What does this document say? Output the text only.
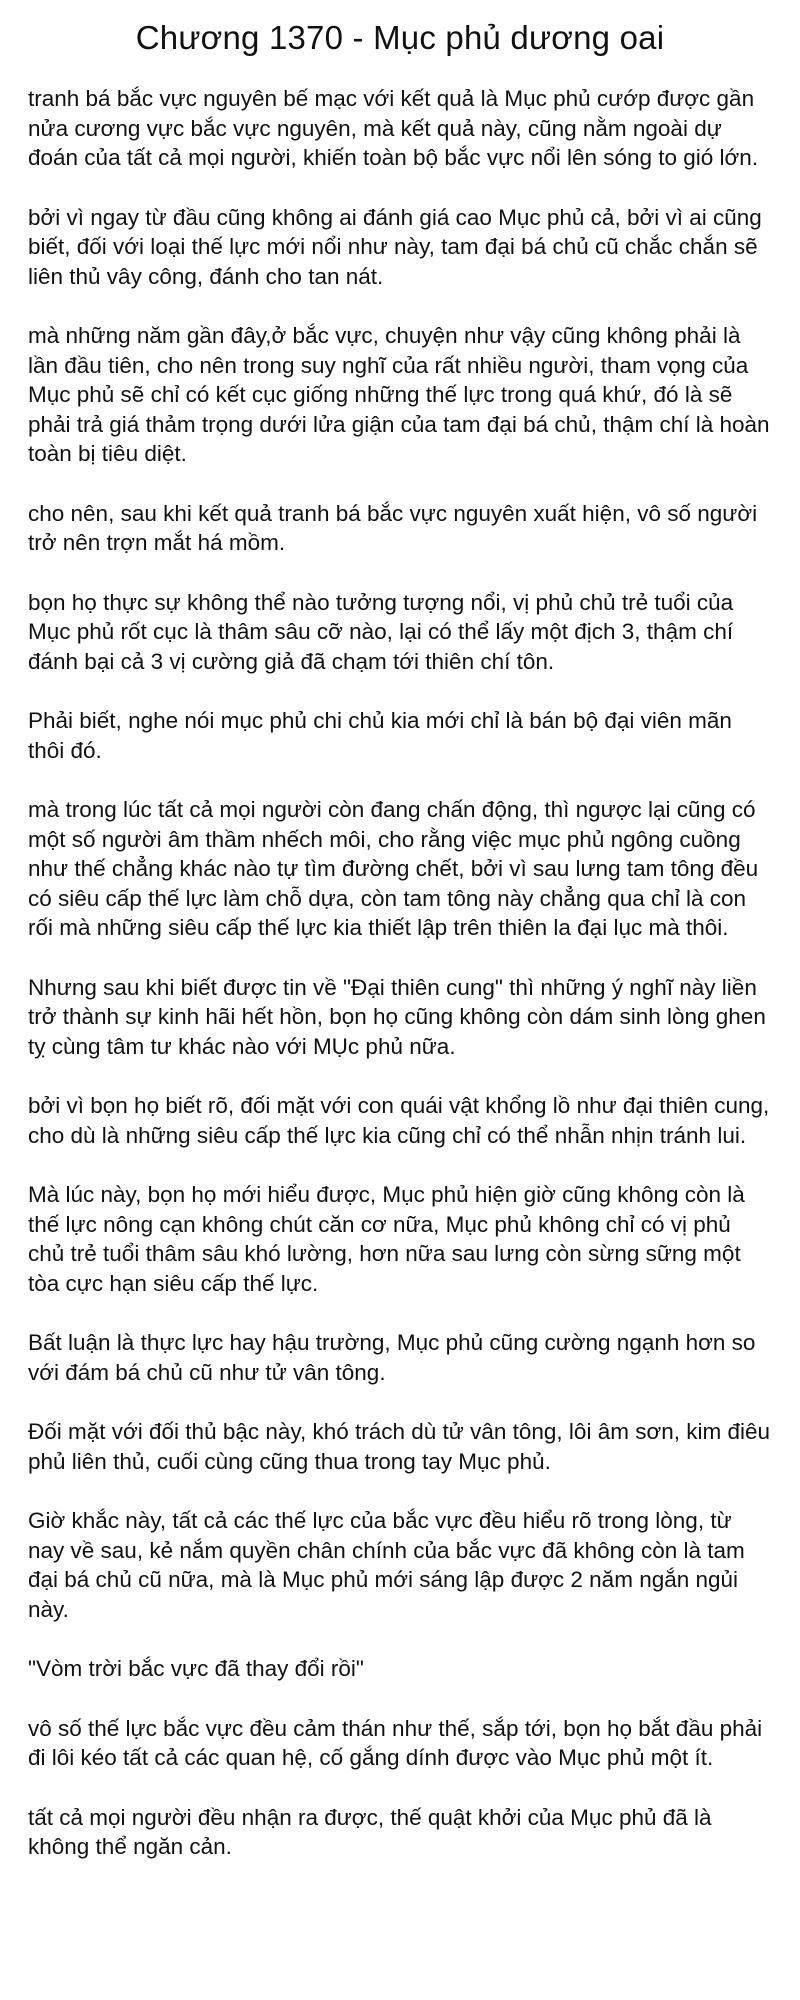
Chương 1370 - Mục phủ dương oai

tranh bá bắc vực nguyên bế mạc với kết quả là Mục phủ cướp được gần nửa cương vực bắc vực nguyên, mà kết quả này, cũng nằm ngoài dự đoán của tất cả mọi người, khiến toàn bộ bắc vực nổi lên sóng to gió lớn.

bởi vì ngay từ đầu cũng không ai đánh giá cao Mục phủ cả, bởi vì ai cũng biết, đối với loại thế lực mới nổi như này, tam đại bá chủ cũ chắc chắn sẽ liên thủ vây công, đánh cho tan nát.

mà những năm gần đây,ở bắc vực, chuyện như vậy cũng không phải là lần đầu tiên, cho nên trong suy nghĩ của rất nhiều người, tham vọng của Mục phủ sẽ chỉ có kết cục giống những thế lực trong quá khứ, đó là sẽ phải trả giá thảm trọng dưới lửa giận của tam đại bá chủ, thậm chí là hoàn toàn bị tiêu diệt.

cho nên, sau khi kết quả tranh bá bắc vực nguyên xuất hiện, vô số người trở nên trợn mắt há mồm.

bọn họ thực sự không thể nào tưởng tượng nổi, vị phủ chủ trẻ tuổi của Mục phủ rốt cục là thâm sâu cỡ nào, lại có thể lấy một địch 3, thậm chí đánh bại cả 3 vị cường giả đã chạm tới thiên chí tôn.

Phải biết, nghe nói mục phủ chi chủ kia mới chỉ là bán bộ đại viên mãn thôi đó.

mà trong lúc tất cả mọi người còn đang chấn động, thì ngược lại cũng có một số người âm thầm nhếch môi, cho rằng việc mục phủ ngông cuồng như thế chẳng khác nào tự tìm đường chết, bởi vì sau lưng tam tông đều có siêu cấp thế lực làm chỗ dựa, còn tam tông này chẳng qua chỉ là con rối mà những siêu cấp thế lực kia thiết lập trên thiên la đại lục mà thôi.

Nhưng sau khi biết được tin về "Đại thiên cung" thì những ý nghĩ này liền trở thành sự kinh hãi hết hồn, bọn họ cũng không còn dám sinh lòng ghen tỵ cùng tâm tư khác nào với MỤc phủ nữa.

bởi vì bọn họ biết rõ, đối mặt với con quái vật khổng lồ như đại thiên cung, cho dù là những siêu cấp thế lực kia cũng chỉ có thể nhẫn nhịn tránh lui.

Mà lúc này, bọn họ mới hiểu được, Mục phủ hiện giờ cũng không còn là thế lực nông cạn không chút căn cơ nữa, Mục phủ không chỉ có vị phủ chủ trẻ tuổi thâm sâu khó lường, hơn nữa sau lưng còn sừng sững một tòa cực hạn siêu cấp thế lực.

Bất luận là thực lực hay hậu trường, Mục phủ cũng cường ngạnh hơn so với đám bá chủ cũ như tử vân tông.

Đối mặt với đối thủ bậc này, khó trách dù tử vân tông, lôi âm sơn, kim điêu phủ liên thủ, cuối cùng cũng thua trong tay Mục phủ.

Giờ khắc này, tất cả các thế lực của bắc vực đều hiểu rõ trong lòng, từ nay về sau, kẻ nắm quyền chân chính của bắc vực đã không còn là tam đại bá chủ cũ nữa, mà là Mục phủ mới sáng lập được 2 năm ngắn ngủi này.

"Vòm trời bắc vực đã thay đổi rồi"

vô số thế lực bắc vực đều cảm thán như thế, sắp tới, bọn họ bắt đầu phải đi lôi kéo tất cả các quan hệ, cố gắng dính được vào Mục phủ một ít.

tất cả mọi người đều nhận ra được, thế quật khởi của Mục phủ đã là không thể ngăn cản.
